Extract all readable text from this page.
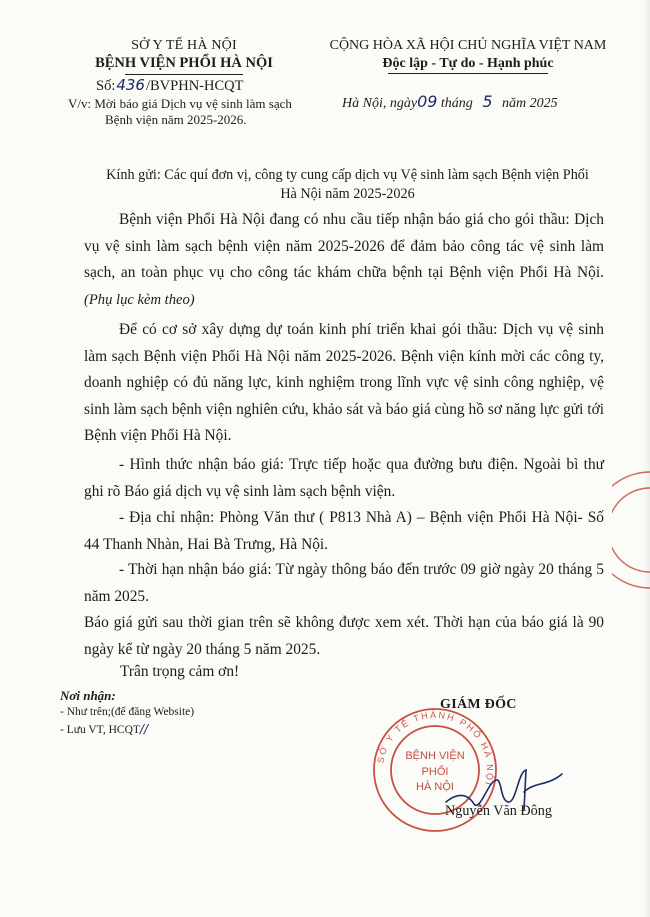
SỞ Y TẾ HÀ NỘI
BỆNH VIỆN PHỔI HÀ NỘI
Số:436/BVPHN-HCQT
V/v: Mời báo giá Dịch vụ vệ sinh làm sạch
Bệnh viện năm 2025-2026.
CỘNG HÒA XÃ HỘI CHỦ NGHĨA VIỆT NAM
Độc lập - Tự do - Hạnh phúc
Hà Nội, ngày09 tháng 5 năm 2025
Kính gửi: Các quí đơn vị, công ty cung cấp dịch vụ Vệ sinh làm sạch Bệnh viện Phổi
Hà Nội năm 2025-2026
Bệnh viện Phổi Hà Nội đang có nhu cầu tiếp nhận báo giá cho gói thầu: Dịch vụ vệ sinh làm sạch bệnh viện năm 2025-2026 để đảm bảo công tác vệ sinh làm sạch, an toàn phục vụ cho công tác khám chữa bệnh tại Bệnh viện Phổi Hà Nội. (Phụ lục kèm theo)
Để có cơ sở xây dựng dự toán kinh phí triển khai gói thầu: Dịch vụ vệ sinh làm sạch Bệnh viện Phổi Hà Nội năm 2025-2026. Bệnh viện kính mời các công ty, doanh nghiệp có đủ năng lực, kinh nghiệm trong lĩnh vực vệ sinh công nghiệp, vệ sinh làm sạch bệnh viện nghiên cứu, khảo sát và báo giá cùng hồ sơ năng lực gửi tới Bệnh viện Phổi Hà Nội.
- Hình thức nhận báo giá: Trực tiếp hoặc qua đường bưu điện. Ngoài bì thư ghi rõ Báo giá dịch vụ vệ sinh làm sạch bệnh viện.
- Địa chỉ nhận: Phòng Văn thư ( P813 Nhà A) – Bệnh viện Phổi Hà Nội- Số 44 Thanh Nhàn, Hai Bà Trưng, Hà Nội.
- Thời hạn nhận báo giá: Từ ngày thông báo đến trước 09 giờ ngày 20 tháng 5 năm 2025.
Báo giá gửi sau thời gian trên sẽ không được xem xét. Thời hạn của báo giá là 90 ngày kể từ ngày 20 tháng 5 năm 2025.
Trân trọng cảm ơn!
Nơi nhận:
- Như trên;(để đăng Website)
- Lưu VT, HCQT//
GIÁM ĐỐC
SỞ Y TẾ THÀNH PHỐ HÀ NỘI
BỆNH VIỆN
PHỔI
HÀ NỘI
Nguyễn Văn Đông
